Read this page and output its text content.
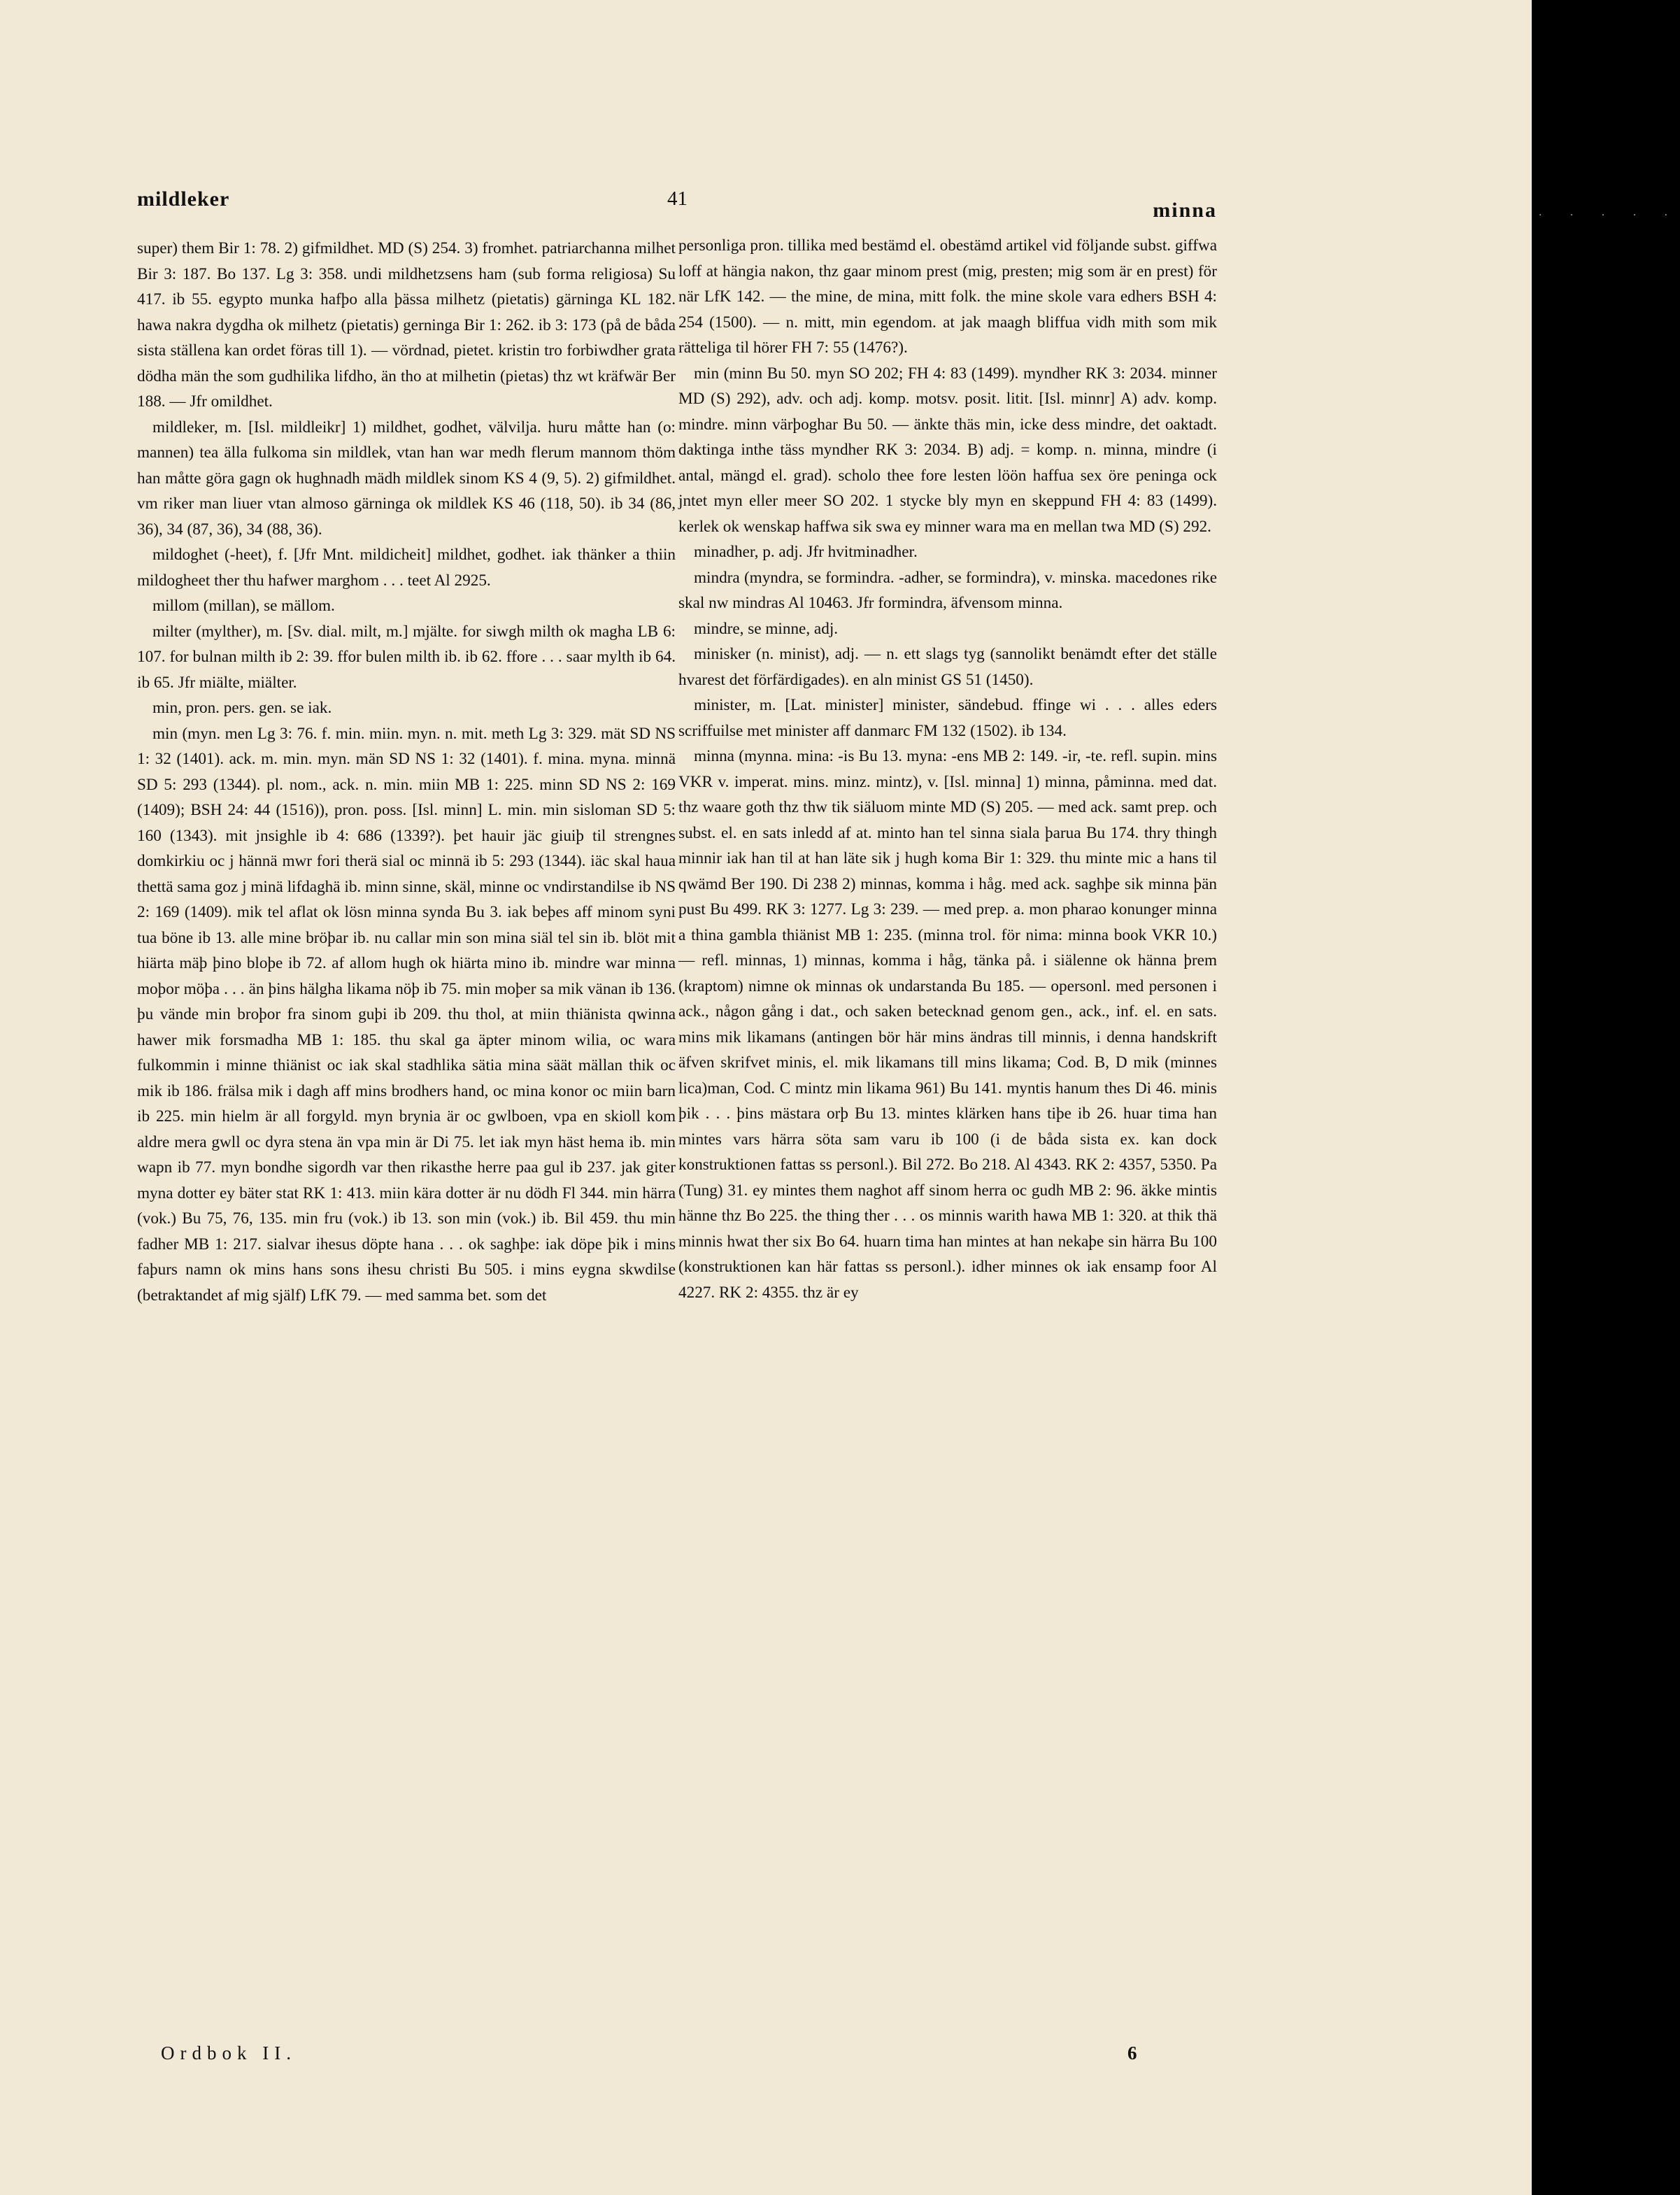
mildleker	41	minna

super) them Bir 1: 78. 2) gifmildhet. MD (S) 254. 3) fromhet. patriarchanna milhet Bir 3: 187. Bo 137. Lg 3: 358. undi mildhetzsens ham (sub forma religiosa) Su 417. ib 55. egypto munka hafþo alla þässa milhetz (pietatis) gärninga KL 182. hawa nakra dygdha ok milhetz (pietatis) gerninga Bir 1: 262. ib 3: 173 (på de båda sista ställena kan ordet föras till 1). — vördnad, pietet. kristin tro forbiwdher grata dödha män the som gudhilika lifdho, än tho at milhetin (pietas) thz wt kräfwär Ber 188. — Jfr omildhet.

mildleker, m. [Isl. mildleikr] 1) mildhet, godhet, välvilja. huru måtte han (o: mannen) tea älla fulkoma sin mildlek, vtan han war medh flerum mannom thöm han måtte göra gagn ok hughnadh mädh mildlek sinom KS 4 (9, 5). 2) gifmildhet. vm riker man liuer vtan almoso gärninga ok mildlek KS 46 (118, 50). ib 34 (86, 36), 34 (87, 36), 34 (88, 36).

mildoghet (-heet), f. [Jfr Mnt. mildicheit] mildhet, godhet. iak thänker a thiin mildogheet ther thu hafwer marghom . . . teet Al 2925.

millom (millan), se mällom.

milter (mylther), m. [Sv. dial. milt, m.] mjälte. for siwgh milth ok magha LB 6: 107. for bulnan milth ib 2: 39. ffor bulen milth ib. ib 62. ffore . . . saar mylth ib 64. ib 65. Jfr miälte, miälter.

min, pron. pers. gen. se iak.

min (myn. men Lg 3: 76. f. min. miin. myn. n. mit. meth Lg 3: 329. mät SD NS 1: 32 (1401). ack. m. min. myn. män SD NS 1: 32 (1401). f. mina. myna. minnä SD 5: 293 (1344). pl. nom., ack. n. min. miin MB 1: 225. minn SD NS 2: 169 (1409); BSH 24: 44 (1516)), pron. poss. [Isl. minn] L. min. min sisloman SD 5: 160 (1343). mit jnsighle ib 4: 686 (1339?). þet hauir jäc giuiþ til strengnes domkirkiu oc j hännä mwr fori therä sial oc minnä ib 5: 293 (1344). iäc skal haua thettä sama goz j minä lifdaghä ib. minn sinne, skäl, minne oc vndirstandilse ib NS 2: 169 (1409). mik tel aflat ok lösn minna synda Bu 3. iak beþes aff minom syni tua böne ib 13. alle mine bröþar ib. nu callar min son mina siäl tel sin ib. blöt mit hiärta mäþ þino bloþe ib 72. af allom hugh ok hiärta mino ib. mindre war minna moþor möþa . . . än þins hälgha likama nöþ ib 75. min moþer sa mik vänan ib 136. þu vände min broþor fra sinom guþi ib 209. thu thol, at miin thiänista qwinna hawer mik forsmadha MB 1: 185. thu skal ga äpter minom wilia, oc wara fulkommin i minne thiänist oc iak skal stadhlika sätia mina säät mällan thik oc mik ib 186. frälsa mik i dagh aff mins brodhers hand, oc mina konor oc miin barn ib 225. min hielm är all forgyld. myn brynia är oc gwlboen, vpa en skioll kom aldre mera gwll oc dyra stena än vpa min är Di 75. let iak myn häst hema ib. min wapn ib 77. myn bondhe sigordh var then rikasthe herre paa gul ib 237. jak giter myna dotter ey bäter stat RK 1: 413. miin kära dotter är nu dödh Fl 344. min härra (vok.) Bu 75, 76, 135. min fru (vok.) ib 13. son min (vok.) ib. Bil 459. thu min fadher MB 1: 217. sialvar ihesus döpte hana . . . ok saghþe: iak döpe þik i mins faþurs namn ok mins hans sons ihesu christi Bu 505. i mins eygna skwdilse (betraktandet af mig själf) LfK 79. — med samma bet. som det

personliga pron. tillika med bestämd el. obestämd artikel vid följande subst. giffwa loff at hängia nakon, thz gaar minom prest (mig, presten; mig som är en prest) för när LfK 142. — the mine, de mina, mitt folk. the mine skole vara edhers BSH 4: 254 (1500). — n. mitt, min egendom. at jak maagh bliffua vidh mith som mik rätteliga til hörer FH 7: 55 (1476?).

min (minn Bu 50. myn SO 202; FH 4: 83 (1499). myndher RK 3: 2034. minner MD (S) 292), adv. och adj. komp. motsv. posit. litit. [Isl. minnr] A) adv. komp. mindre. minn värþoghar Bu 50. — änkte thäs min, icke dess mindre, det oaktadt. daktinga inthe täss myndher RK 3: 2034. B) adj. = komp. n. minna, mindre (i antal, mängd el. grad). scholo thee fore lesten löön haffua sex öre peninga ock jntet myn eller meer SO 202. 1 stycke bly myn en skeppund FH 4: 83 (1499). kerlek ok wenskap haffwa sik swa ey minner wara ma en mellan twa MD (S) 292.

minadher, p. adj. Jfr hvitminadher.

mindra (myndra, se formindra. -adher, se formindra), v. minska. macedones rike skal nw mindras Al 10463. Jfr formindra, äfvensom minna.

mindre, se minne, adj.

minisker (n. minist), adj. — n. ett slags tyg (sannolikt benämdt efter det ställe hvarest det förfärdigades). en aln minist GS 51 (1450).

minister, m. [Lat. minister] minister, sändebud. ffinge wi . . . alles eders scriffuilse met minister aff danmarc FM 132 (1502). ib 134.

minna (mynna. mina: -is Bu 13. myna: -ens MB 2: 149. -ir, -te. refl. supin. mins VKR v. imperat. mins. minz. mintz), v. [Isl. minna] 1) minna, påminna. med dat. thz waare goth thz thw tik siäluom minte MD (S) 205. — med ack. samt prep. och subst. el. en sats inledd af at. minto han tel sinna siala þarua Bu 174. thry thingh minnir iak han til at han läte sik j hugh koma Bir 1: 329. thu minte mic a hans til qwämd Ber 190. Di 238 2) minnas, komma i håg. med ack. saghþe sik minna þän pust Bu 499. RK 3: 1277. Lg 3: 239. — med prep. a. mon pharao konunger minna a thina gambla thiänist MB 1: 235. (minna trol. för nima: minna book VKR 10.) — refl. minnas, 1) minnas, komma i håg, tänka på. i siälenne ok hänna þrem (kraptom) nimne ok minnas ok undarstanda Bu 185. — opersonl. med personen i ack., någon gång i dat., och saken betecknad genom gen., ack., inf. el. en sats. mins mik likamans (antingen bör här mins ändras till minnis, i denna handskrift äfven skrifvet minis, el. mik likamans till mins likama; Cod. B, D mik (minnes lica)man, Cod. C mintz min likama 961) Bu 141. myntis hanum thes Di 46. minis þik . . . þins mästara orþ Bu 13. mintes klärken hans tiþe ib 26. huar tima han mintes vars härra söta sam varu ib 100 (i de båda sista ex. kan dock konstruktionen fattas ss personl.). Bil 272. Bo 218. Al 4343. RK 2: 4357, 5350. Pa (Tung) 31. ey mintes them naghot aff sinom herra oc gudh MB 2: 96. äkke mintis hänne thz Bo 225. the thing ther . . . os minnis warith hawa MB 1: 320. at thik thä minnis hwat ther six Bo 64. huarn tima han mintes at han nekaþe sin härra Bu 100 (konstruktionen kan här fattas ss personl.). idher minnes ok iak ensamp foor Al 4227. RK 2: 4355. thz är ey

Ordbok II.	6
· · · · ·
